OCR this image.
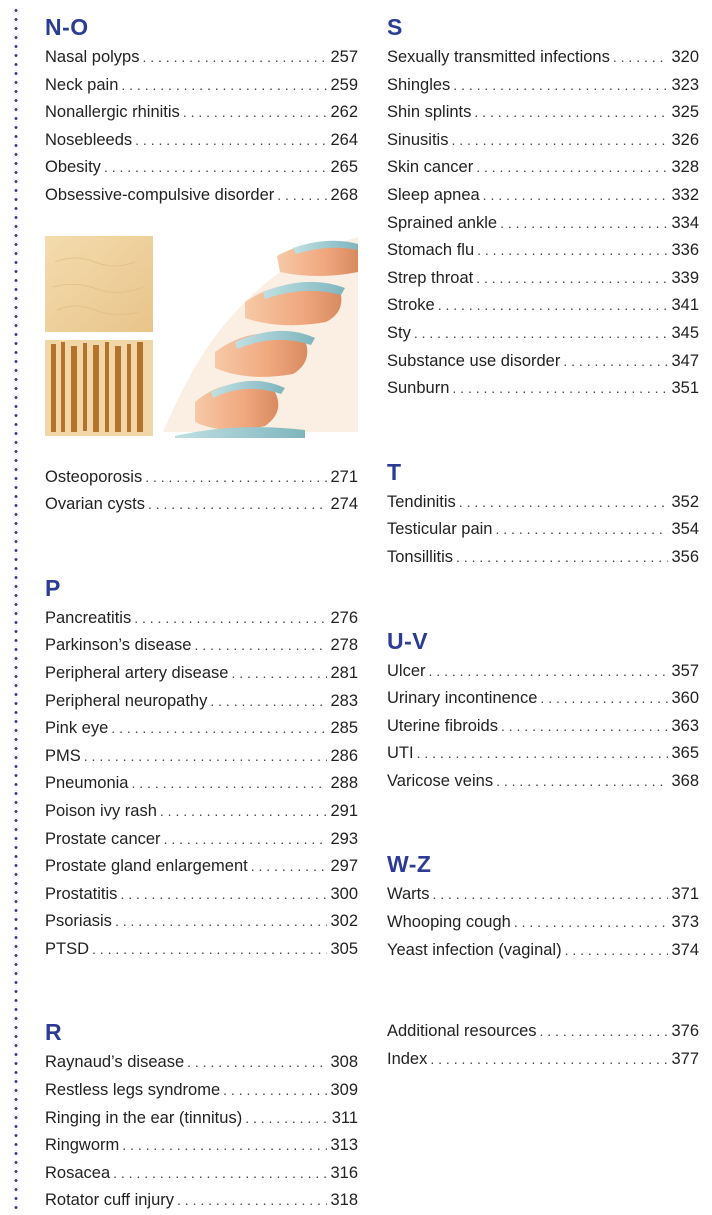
N-O
Nasal polyps . . .	257
Neck pain . . .	259
Nonallergic rhinitis . . .	262
Nosebleeds . . .	264
Obesity . . .	265
Obsessive-compulsive disorder . . .	268
Osteoporosis . . .	271
Ovarian cysts . . .	274
P
Pancreatitis . . .	276
Parkinson’s disease . . .	278
Peripheral artery disease . . .	281
Peripheral neuropathy . . .	283
Pink eye . . .	285
PMS . . .	286
Pneumonia . . .	288
Poison ivy rash . . .	291
Prostate cancer . . .	293
Prostate gland enlargement . . .	297
Prostatitis . . .	300
Psoriasis . . .	302
PTSD . . .	305
R
Raynaud’s disease . . .	308
Restless legs syndrome . . .	309
Ringing in the ear (tinnitus) . . .	311
Ringworm . . .	313
Rosacea . . .	316
Rotator cuff injury . . .	318
S
Sexually transmitted infections . . .	320
Shingles . . .	323
Shin splints . . .	325
Sinusitis . . .	326
Skin cancer . . .	328
Sleep apnea . . .	332
Sprained ankle . . .	334
Stomach flu . . .	336
Strep throat . . .	339
Stroke . . .	341
Sty . . .	345
Substance use disorder . . .	347
Sunburn . . .	351
T
Tendinitis . . .	352
Testicular pain . . .	354
Tonsillitis . . .	356
U-V
Ulcer . . .	357
Urinary incontinence . . .	360
Uterine fibroids . . .	363
UTI . . .	365
Varicose veins . . .	368
W-Z
Warts . . .	371
Whooping cough . . .	373
Yeast infection (vaginal) . . .	374
Additional resources . . .	376
Index . . .	377
